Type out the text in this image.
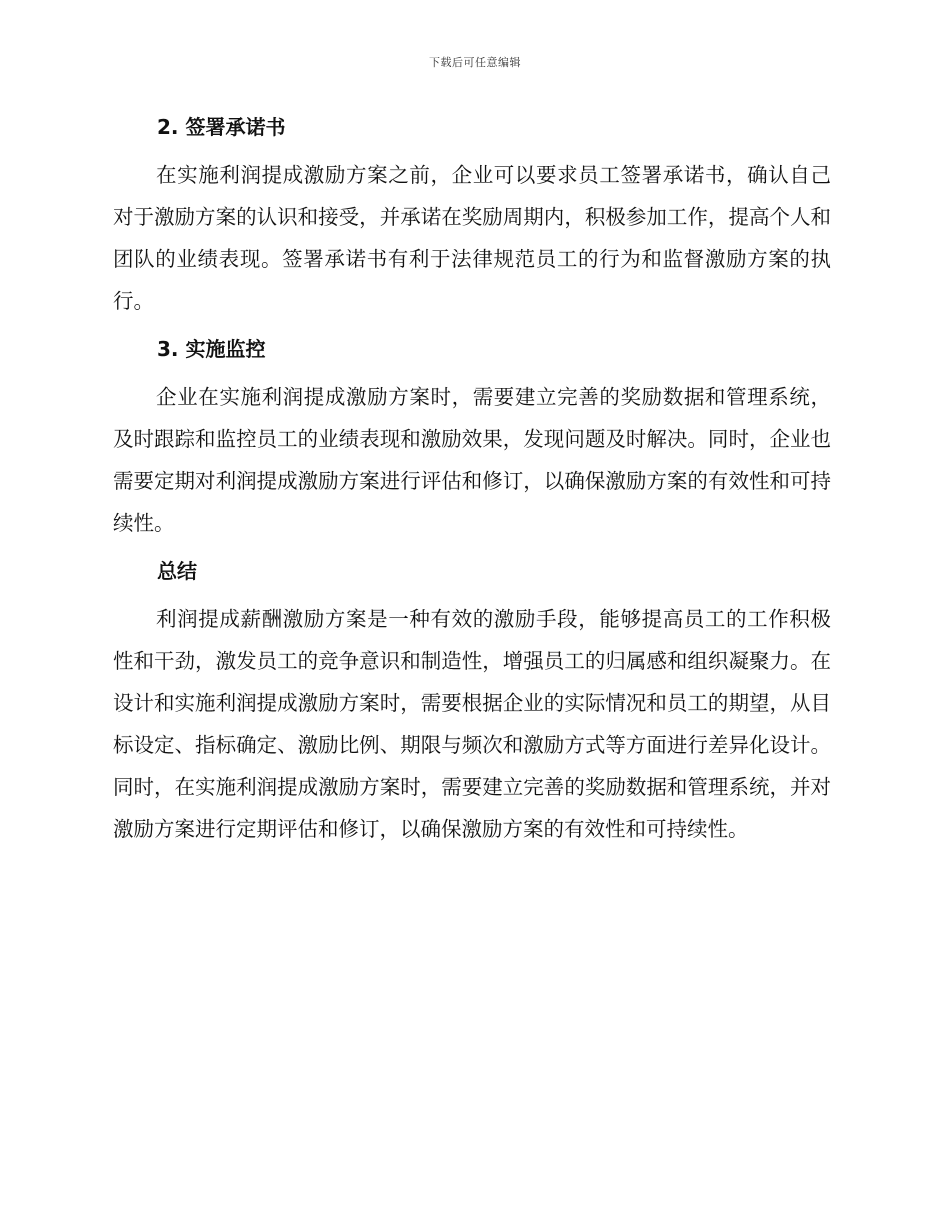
下载后可任意编辑
2. 签署承诺书

在实施利润提成激励方案之前，企业可以要求员工签署承诺书，确认自己对于激励方案的认识和接受，并承诺在奖励周期内，积极参加工作，提高个人和团队的业绩表现。签署承诺书有利于法律规范员工的行为和监督激励方案的执行。

3. 实施监控

企业在实施利润提成激励方案时，需要建立完善的奖励数据和管理系统，及时跟踪和监控员工的业绩表现和激励效果，发现问题及时解决。同时，企业也需要定期对利润提成激励方案进行评估和修订，以确保激励方案的有效性和可持续性。

总结

利润提成薪酬激励方案是一种有效的激励手段，能够提高员工的工作积极性和干劲，激发员工的竞争意识和制造性，增强员工的归属感和组织凝聚力。在设计和实施利润提成激励方案时，需要根据企业的实际情况和员工的期望，从目标设定、指标确定、激励比例、期限与频次和激励方式等方面进行差异化设计。同时，在实施利润提成激励方案时，需要建立完善的奖励数据和管理系统，并对激励方案进行定期评估和修订，以确保激励方案的有效性和可持续性。
